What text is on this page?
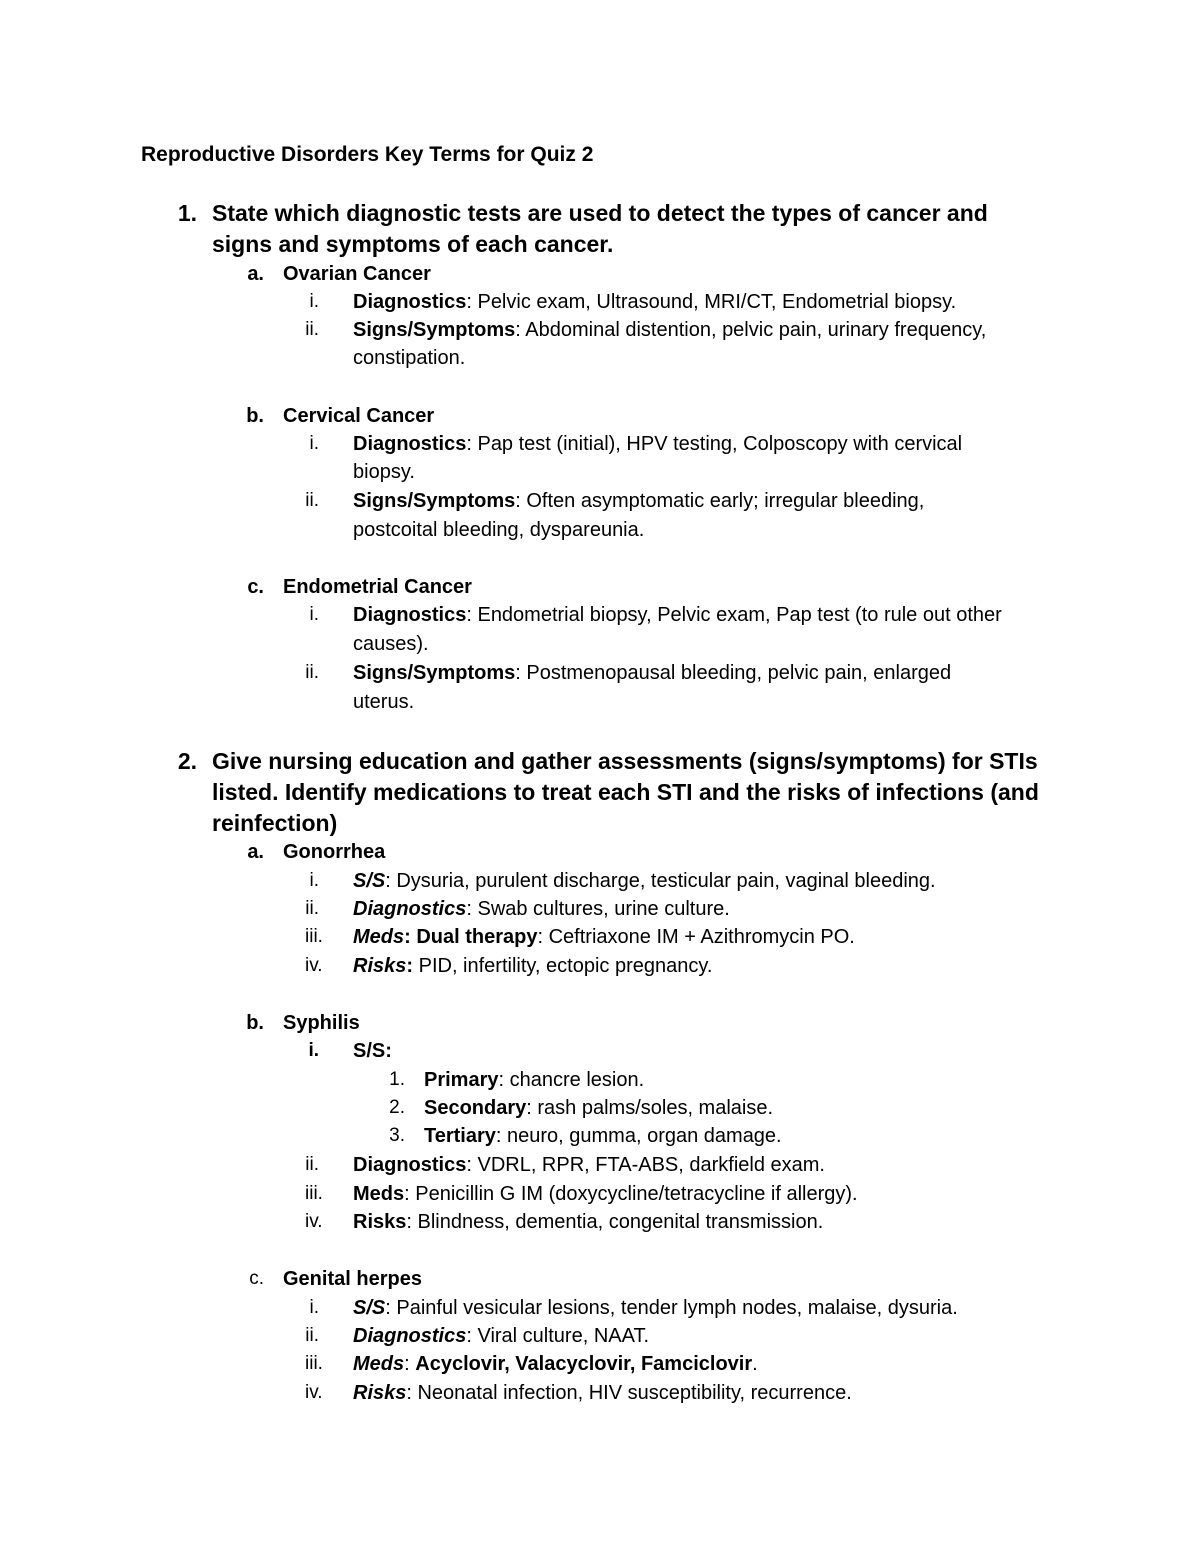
Reproductive Disorders Key Terms for Quiz 2
1. State which diagnostic tests are used to detect the types of cancer and
signs and symptoms of each cancer.
a. Ovarian Cancer
i. Diagnostics: Pelvic exam, Ultrasound, MRI/CT, Endometrial biopsy.
ii. Signs/Symptoms: Abdominal distention, pelvic pain, urinary frequency,
constipation.
b. Cervical Cancer
i. Diagnostics: Pap test (initial), HPV testing, Colposcopy with cervical
biopsy.
ii. Signs/Symptoms: Often asymptomatic early; irregular bleeding,
postcoital bleeding, dyspareunia.
c. Endometrial Cancer
i. Diagnostics: Endometrial biopsy, Pelvic exam, Pap test (to rule out other
causes).
ii. Signs/Symptoms: Postmenopausal bleeding, pelvic pain, enlarged
uterus.
2. Give nursing education and gather assessments (signs/symptoms) for STIs
listed. Identify medications to treat each STI and the risks of infections (and
reinfection)
a. Gonorrhea
i. S/S: Dysuria, purulent discharge, testicular pain, vaginal bleeding.
ii. Diagnostics: Swab cultures, urine culture.
iii. Meds: Dual therapy: Ceftriaxone IM + Azithromycin PO.
iv. Risks: PID, infertility, ectopic pregnancy.
b. Syphilis
i. S/S:
1. Primary: chancre lesion.
2. Secondary: rash palms/soles, malaise.
3. Tertiary: neuro, gumma, organ damage.
ii. Diagnostics: VDRL, RPR, FTA-ABS, darkfield exam.
iii. Meds: Penicillin G IM (doxycycline/tetracycline if allergy).
iv. Risks: Blindness, dementia, congenital transmission.
c. Genital herpes
i. S/S: Painful vesicular lesions, tender lymph nodes, malaise, dysuria.
ii. Diagnostics: Viral culture, NAAT.
iii. Meds: Acyclovir, Valacyclovir, Famciclovir.
iv. Risks: Neonatal infection, HIV susceptibility, recurrence.
